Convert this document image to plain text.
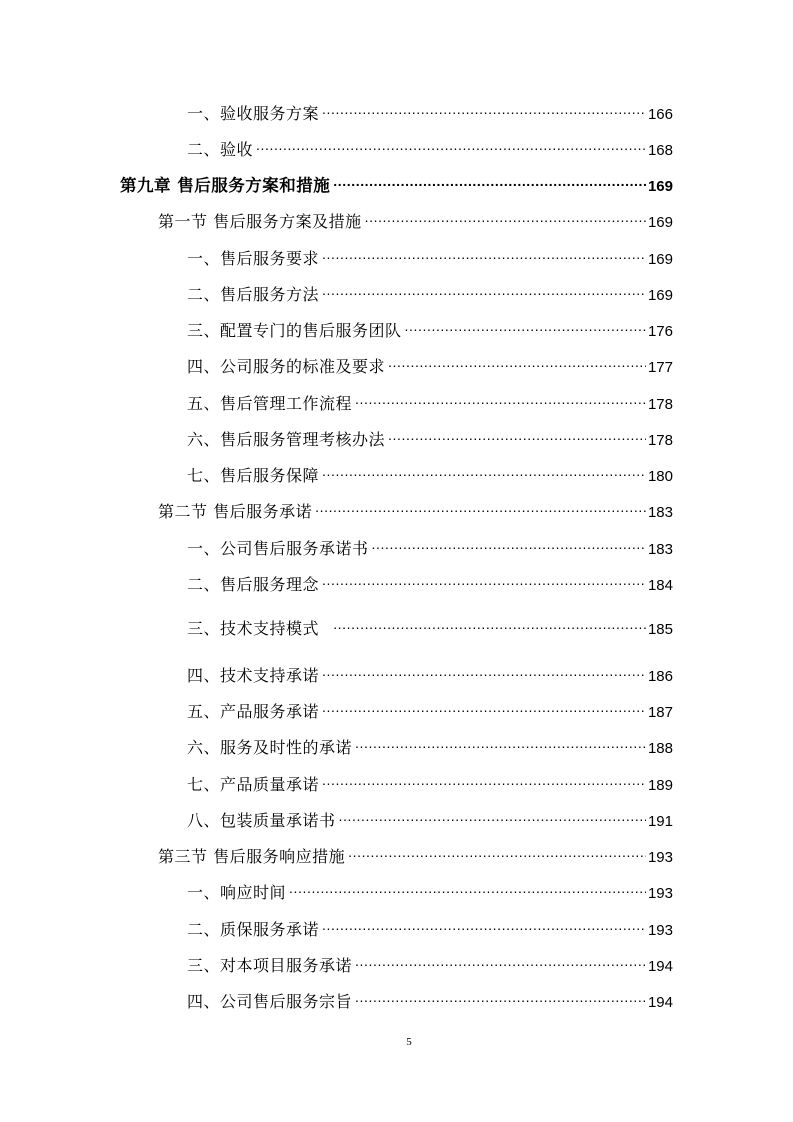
一、验收服务方案 .....	166
二、验收 .....	168
第九章 售后服务方案和措施 .....	169
第一节 售后服务方案及措施 .....	169
一、售后服务要求 .....	169
二、售后服务方法 .....	169
三、配置专门的售后服务团队 .....	176
四、公司服务的标准及要求 .....	177
五、售后管理工作流程 .....	178
六、售后服务管理考核办法 .....	178
七、售后服务保障 .....	180
第二节 售后服务承诺 .....	183
一、公司售后服务承诺书 .....	183
二、售后服务理念 .....	184
三、技术支持模式 .....	185
四、技术支持承诺 .....	186
五、产品服务承诺 .....	187
六、服务及时性的承诺 .....	188
七、产品质量承诺 .....	189
八、包装质量承诺书 .....	191
第三节 售后服务响应措施 .....	193
一、响应时间 .....	193
二、质保服务承诺 .....	193
三、对本项目服务承诺 .....	194
四、公司售后服务宗旨 .....	194
5
